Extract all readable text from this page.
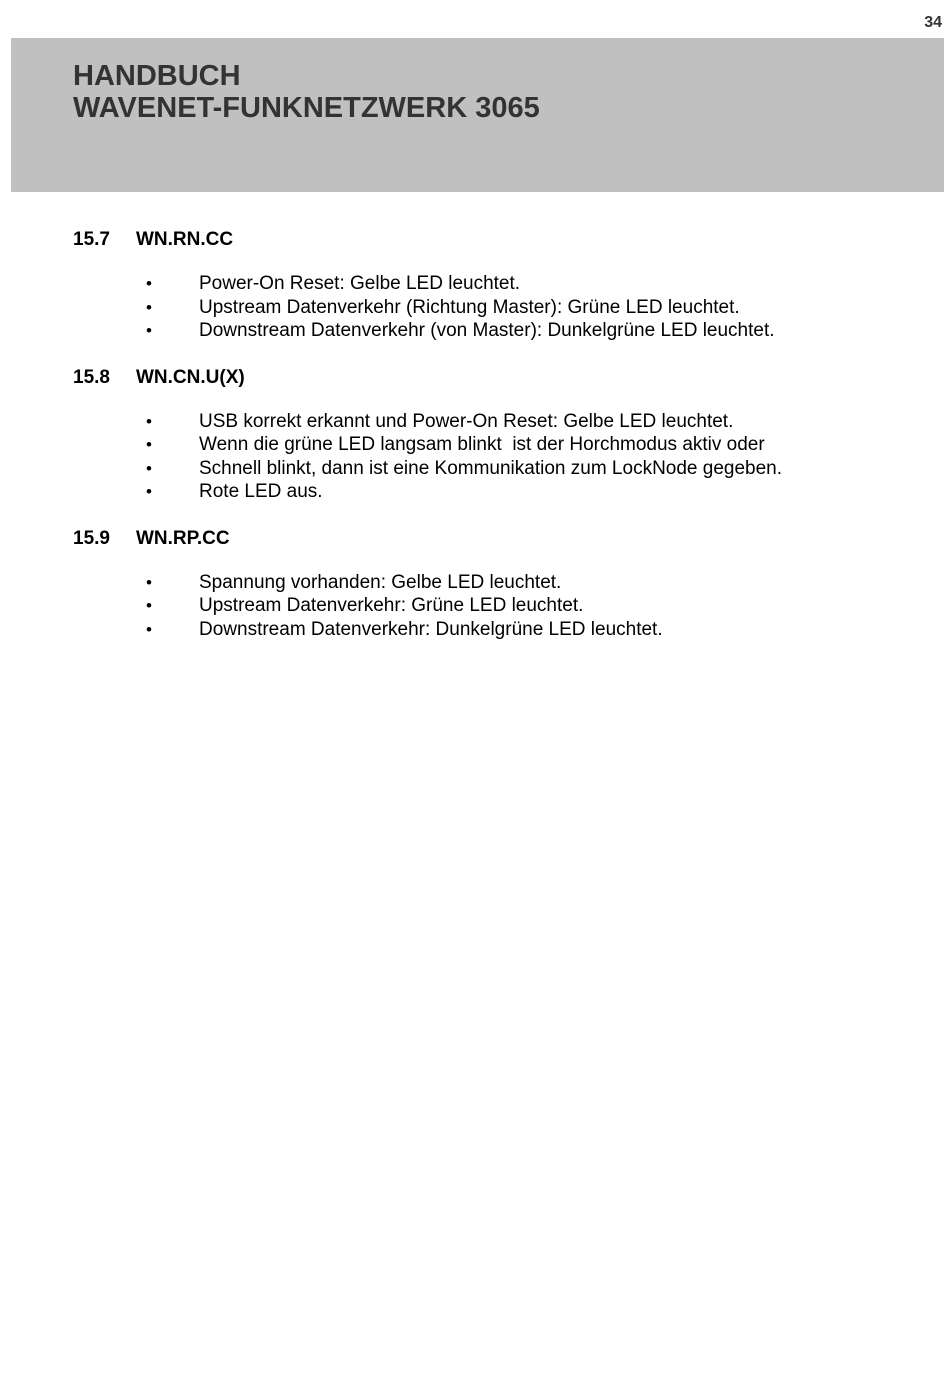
34
HANDBUCH
WAVENET-FUNKNETZWERK 3065
15.7	WN.RN.CC
•	Power-On Reset: Gelbe LED leuchtet.
•	Upstream Datenverkehr (Richtung Master): Grüne LED leuchtet.
•	Downstream Datenverkehr (von Master): Dunkelgrüne LED leuchtet.
15.8	WN.CN.U(X)
•	USB korrekt erkannt und Power-On Reset: Gelbe LED leuchtet.
•	Wenn die grüne LED langsam blinkt  ist der Horchmodus aktiv oder
•	Schnell blinkt, dann ist eine Kommunikation zum LockNode gegeben.
•	Rote LED aus.
15.9	WN.RP.CC
•	Spannung vorhanden: Gelbe LED leuchtet.
•	Upstream Datenverkehr: Grüne LED leuchtet.
•	Downstream Datenverkehr: Dunkelgrüne LED leuchtet.
